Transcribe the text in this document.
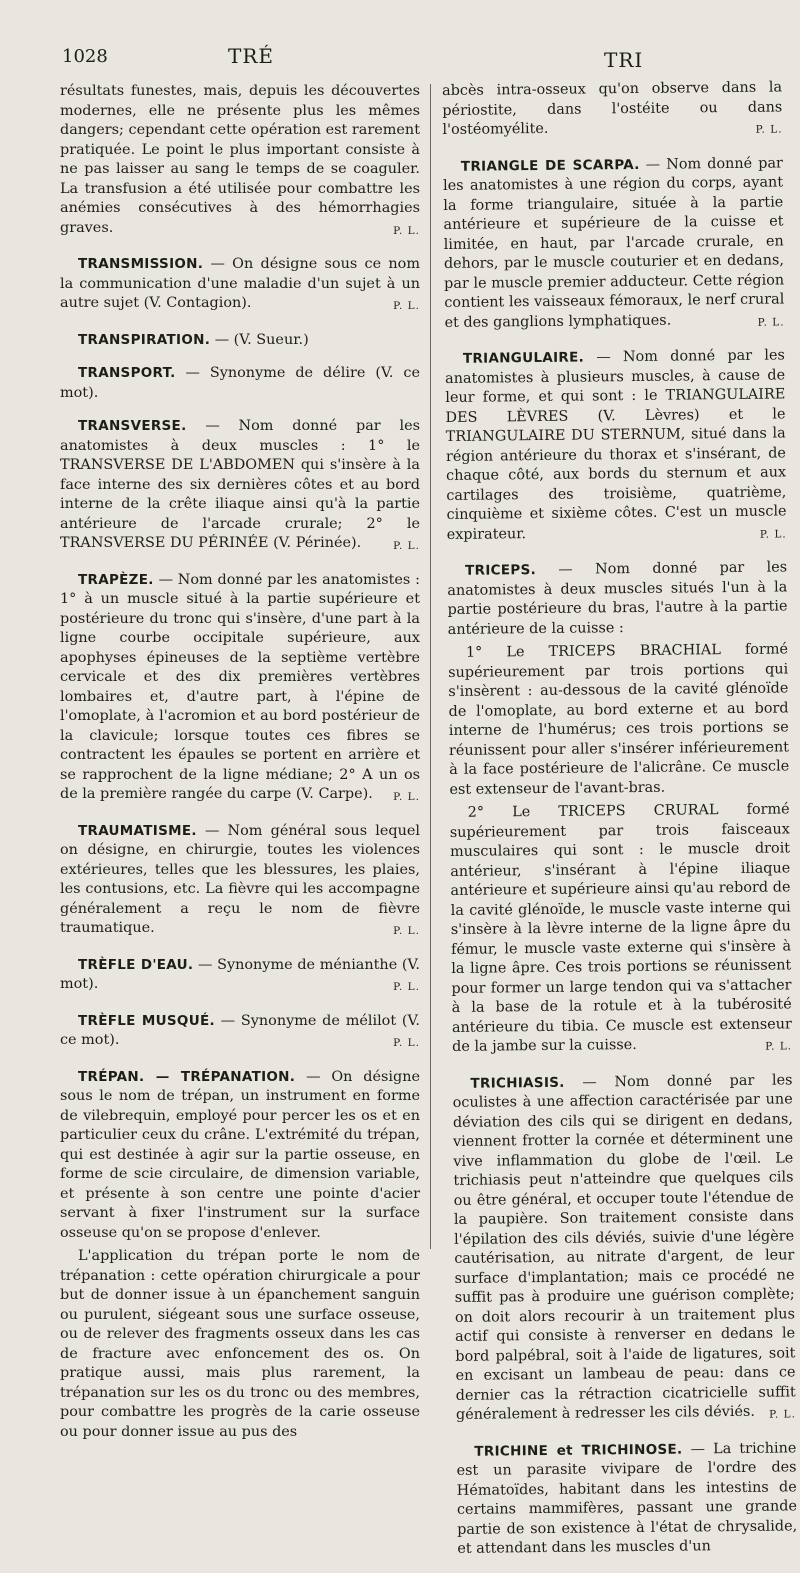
1028	TRÉ	TRI

résultats funestes, mais, depuis les découvertes modernes, elle ne présente plus les mêmes dangers; cependant cette opération est rarement pratiquée. Le point le plus important consiste à ne pas laisser au sang le temps de se coaguler. La transfusion a été utilisée pour combattre les anémies consécutives à des hémorrhagies graves.	P. L.

TRANSMISSION. — On désigne sous ce nom la communication d'une maladie d'un sujet à un autre sujet (V. Contagion).	P. L.

TRANSPIRATION. — (V. Sueur.)

TRANSPORT. — Synonyme de délire (V. ce mot).

TRANSVERSE. — Nom donné par les anatomistes à deux muscles : 1° le TRANSVERSE DE L'ABDOMEN qui s'insère à la face interne des six dernières côtes et au bord interne de la crête iliaque ainsi qu'à la partie antérieure de l'arcade crurale; 2° le TRANSVERSE DU PÉRINÉE (V. Périnée).	P. L.

TRAPÈZE. — Nom donné par les anatomistes : 1° à un muscle situé à la partie supérieure et postérieure du tronc qui s'insère, d'une part à la ligne courbe occipitale supérieure, aux apophyses épineuses de la septième vertèbre cervicale et des dix premières vertèbres lombaires et, d'autre part, à l'épine de l'omoplate, à l'acromion et au bord postérieur de la clavicule; lorsque toutes ces fibres se contractent les épaules se portent en arrière et se rapprochent de la ligne médiane; 2° A un os de la première rangée du carpe (V. Carpe). P. L.

TRAUMATISME. — Nom général sous lequel on désigne, en chirurgie, toutes les violences extérieures, telles que les blessures, les plaies, les contusions, etc. La fièvre qui les accompagne généralement a reçu le nom de fièvre traumatique.	P. L.

TRÈFLE D'EAU. — Synonyme de ménianthe (V. mot).	P. L.

TRÈFLE MUSQUÉ. — Synonyme de mélilot (V. ce mot).	P. L.

TRÉPAN. — TRÉPANATION. — On désigne sous le nom de trépan, un instrument en forme de vilebrequin, employé pour percer les os et en particulier ceux du crâne. L'extrémité du trépan, qui est destinée à agir sur la partie osseuse, en forme de scie circulaire, de dimension variable, et présente à son centre une pointe d'acier servant à fixer l'instrument sur la surface osseuse qu'on se propose d'enlever.

L'application du trépan porte le nom de trépanation : cette opération chirurgicale a pour but de donner issue à un épanchement sanguin ou purulent, siégeant sous une surface osseuse, ou de relever des fragments osseux dans les cas de fracture avec enfoncement des os. On pratique aussi, mais plus rarement, la trépanation sur les os du tronc ou des membres, pour combattre les progrès de la carie osseuse ou pour donner issue au pus des

abcès intra-osseux qu'on observe dans la périostite, dans l'ostéite ou dans l'ostéomyélite.	P. L.

TRIANGLE DE SCARPA. — Nom donné par les anatomistes à une région du corps, ayant la forme triangulaire, située à la partie antérieure et supérieure de la cuisse et limitée, en haut, par l'arcade crurale, en dehors, par le muscle couturier et en dedans, par le muscle premier adducteur. Cette région contient les vaisseaux fémoraux, le nerf crural et des ganglions lymphatiques.	P. L.

TRIANGULAIRE. — Nom donné par les anatomistes à plusieurs muscles, à cause de leur forme, et qui sont : le TRIANGULAIRE DES LÈVRES (V. Lèvres) et le TRIANGULAIRE DU STERNUM, situé dans la région antérieure du thorax et s'insérant, de chaque côté, aux bords du sternum et aux cartilages des troisième, quatrième, cinquième et sixième côtes. C'est un muscle expirateur.	P. L.

TRICEPS. — Nom donné par les anatomistes à deux muscles situés l'un à la partie postérieure du bras, l'autre à la partie antérieure de la cuisse :

1° Le TRICEPS BRACHIAL formé supérieurement par trois portions qui s'insèrent : au-dessous de la cavité glénoïde de l'omoplate, au bord externe et au bord interne de l'humérus; ces trois portions se réunissent pour aller s'insérer inférieurement à la face postérieure de l'alicrâne. Ce muscle est extenseur de l'avant-bras.

2° Le TRICEPS CRURAL formé supérieurement par trois faisceaux musculaires qui sont : le muscle droit antérieur, s'insérant à l'épine iliaque antérieure et supérieure ainsi qu'au rebord de la cavité glénoïde, le muscle vaste interne qui s'insère à la lèvre interne de la ligne âpre du fémur, le muscle vaste externe qui s'insère à la ligne âpre. Ces trois portions se réunissent pour former un large tendon qui va s'attacher à la base de la rotule et à la tubérosité antérieure du tibia. Ce muscle est extenseur de la jambe sur la cuisse.	P. L.

TRICHIASIS. — Nom donné par les oculistes à une affection caractérisée par une déviation des cils qui se dirigent en dedans, viennent frotter la cornée et déterminent une vive inflammation du globe de l'œil. Le trichiasis peut n'atteindre que quelques cils ou être général, et occuper toute l'étendue de la paupière. Son traitement consiste dans l'épilation des cils déviés, suivie d'une légère cautérisation, au nitrate d'argent, de leur surface d'implantation; mais ce procédé ne suffit pas à produire une guérison complète; on doit alors recourir à un traitement plus actif qui consiste à renverser en dedans le bord palpébral, soit à l'aide de ligatures, soit en excisant un lambeau de peau: dans ce dernier cas la rétraction cicatricielle suffit généralement à redresser les cils déviés. P. L.

TRICHINE et TRICHINOSE. — La trichine est un parasite vivipare de l'ordre des Hématoïdes, habitant dans les intestins de certains mammifères, passant une grande partie de son existence à l'état de chrysalide, et attendant dans les muscles d'un
